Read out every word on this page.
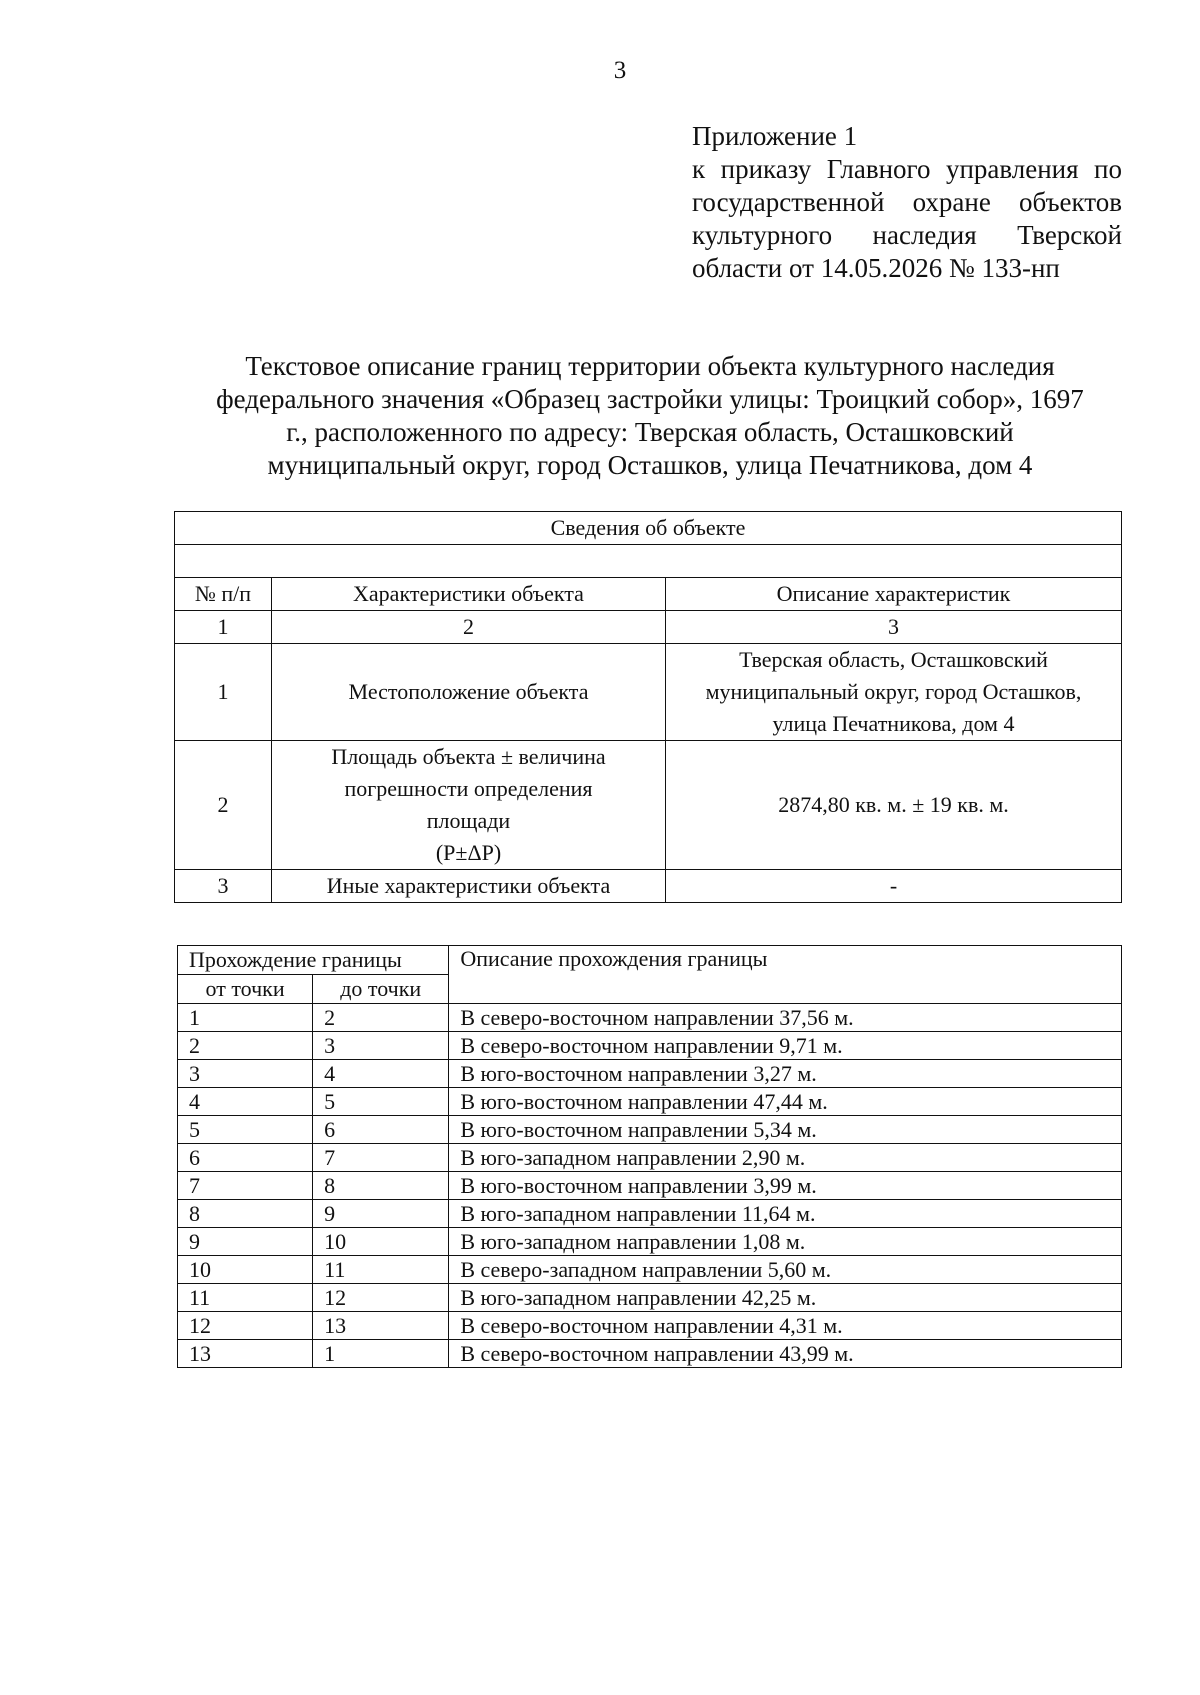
3
Приложение 1
к приказу Главного управления по
государственной охране объектов
культурного наследия Тверской
области от 14.05.2026 № 133-нп
Текстовое описание границ территории объекта культурного наследия
федерального значения «Образец застройки улицы: Троицкий собор», 1697
г., расположенного по адресу: Тверская область, Осташковский
муниципальный округ, город Осташков, улица Печатникова, дом 4
Сведения об объекте		

№ п/п	Характеристики объекта	Описание характеристик
1	2	3
1	Местоположение объекта	Тверская область, Осташковский
муниципальный округ, город Осташков,
улица Печатникова, дом 4

2	Площадь объекта ± величина
погрешности определения
площади
(P±ΔP)	2874,80 кв. м. ± 19 кв. м.

3	Иные характеристики объекта	-
Прохождение границы		Описание прохождения границы
от точки	до точки	
1	2	В северо-восточном направлении 37,56 м.
2	3	В северо-восточном направлении 9,71 м.
3	4	В юго-восточном направлении 3,27 м.
4	5	В юго-восточном направлении 47,44 м.
5	6	В юго-восточном направлении 5,34 м.
6	7	В юго-западном направлении 2,90 м.
7	8	В юго-восточном направлении 3,99 м.
8	9	В юго-западном направлении 11,64 м.
9	10	В юго-западном направлении 1,08 м.
10	11	В северо-западном направлении 5,60 м.
11	12	В юго-западном направлении 42,25 м.
12	13	В северо-восточном направлении 4,31 м.
13	1	В северо-восточном направлении 43,99 м.
